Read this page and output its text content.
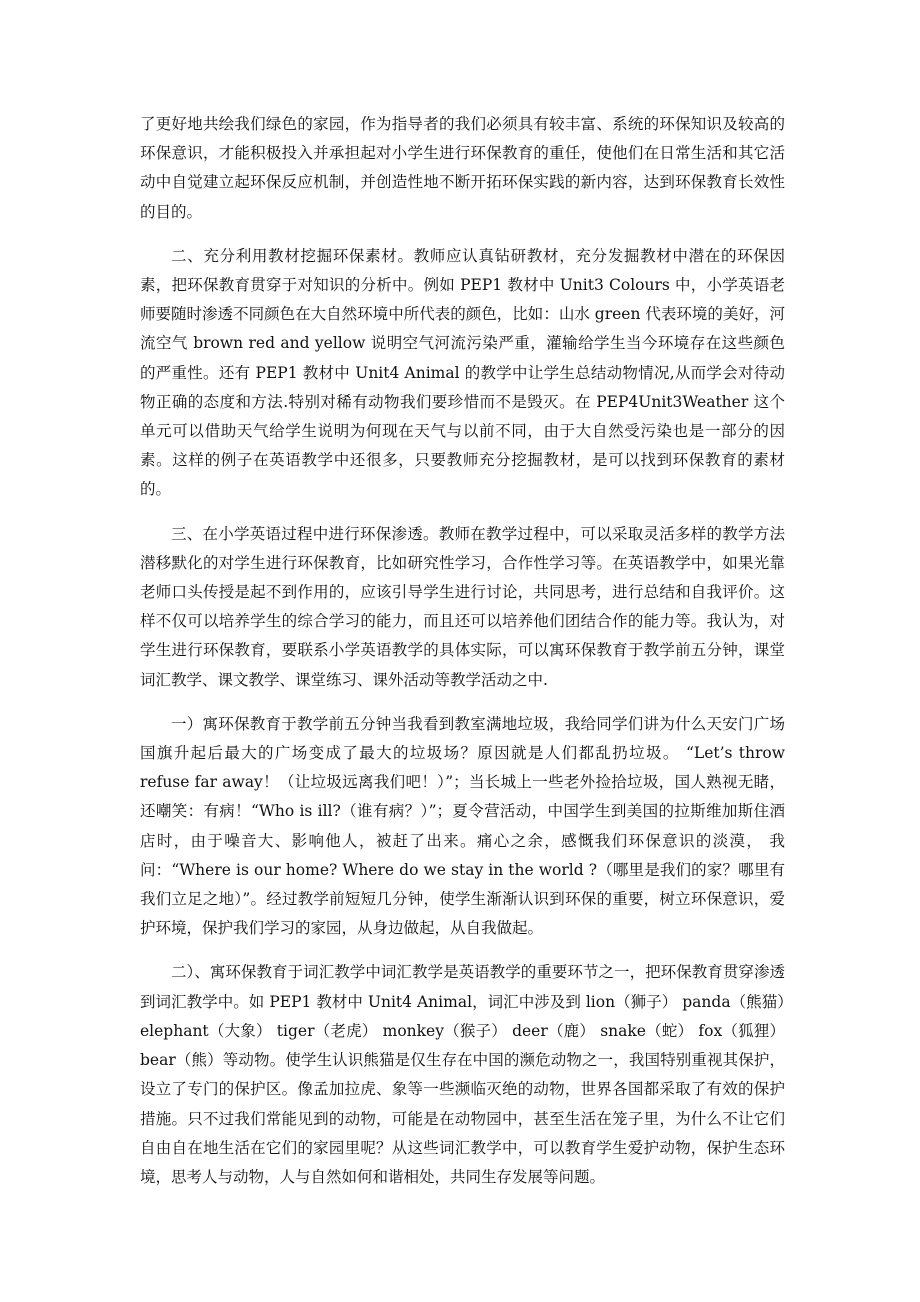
了更好地共绘我们绿色的家园，作为指导者的我们必须具有较丰富、系统的环保知识及较高的环保意识，才能积极投入并承担起对小学生进行环保教育的重任，使他们在日常生活和其它活动中自觉建立起环保反应机制，并创造性地不断开拓环保实践的新内容，达到环保教育长效性的目的。

二、充分利用教材挖掘环保素材。教师应认真钻研教材，充分发掘教材中潜在的环保因素，把环保教育贯穿于对知识的分析中。例如 PEP1 教材中 Unit3 Colours 中，小学英语老师要随时渗透不同颜色在大自然环境中所代表的颜色，比如：山水 green 代表环境的美好，河流空气 brown red and yellow 说明空气河流污染严重，灌输给学生当今环境存在这些颜色的严重性。还有 PEP1 教材中 Unit4 Animal 的教学中让学生总结动物情况,从而学会对待动物正确的态度和方法.特别对稀有动物我们要珍惜而不是毁灭。在 PEP4Unit3Weather 这个单元可以借助天气给学生说明为何现在天气与以前不同，由于大自然受污染也是一部分的因素。这样的例子在英语教学中还很多，只要教师充分挖掘教材，是可以找到环保教育的素材的。

三、在小学英语过程中进行环保渗透。教师在教学过程中，可以采取灵活多样的教学方法潜移默化的对学生进行环保教育，比如研究性学习，合作性学习等。在英语教学中，如果光靠老师口头传授是起不到作用的，应该引导学生进行讨论，共同思考，进行总结和自我评价。这样不仅可以培养学生的综合学习的能力，而且还可以培养他们团结合作的能力等。我认为，对学生进行环保教育，要联系小学英语教学的具体实际，可以寓环保教育于教学前五分钟，课堂词汇教学、课文教学、课堂练习、课外活动等教学活动之中.

一）寓环保教育于教学前五分钟当我看到教室满地垃圾，我给同学们讲为什么天安门广场国旗升起后最大的广场变成了最大的垃圾场？原因就是人们都乱扔垃圾。 “Let’s throw refuse far away！（让垃圾远离我们吧！）”；当长城上一些老外捡拾垃圾，国人熟视无睹，还嘲笑：有病！“Who is ill?（谁有病？）”；夏令营活动，中国学生到美国的拉斯维加斯住酒店时，由于噪音大、影响他人，被赶了出来。痛心之余，感慨我们环保意识的淡漠， 我问：“Where is our home? Where do we stay in the world ?（哪里是我们的家？哪里有我们立足之地）”。经过教学前短短几分钟，使学生渐渐认识到环保的重要，树立环保意识，爱护环境，保护我们学习的家园，从身边做起，从自我做起。

二）、寓环保教育于词汇教学中词汇教学是英语教学的重要环节之一，把环保教育贯穿渗透到词汇教学中。如 PEP1 教材中 Unit4 Animal，词汇中涉及到 lion（狮子） panda（熊猫）elephant（大象） tiger（老虎） monkey（猴子） deer（鹿） snake（蛇） fox（狐狸） bear（熊）等动物。使学生认识熊猫是仅生存在中国的濒危动物之一，我国特别重视其保护，设立了专门的保护区。像孟加拉虎、象等一些濒临灭绝的动物，世界各国都采取了有效的保护措施。只不过我们常能见到的动物，可能是在动物园中，甚至生活在笼子里，为什么不让它们自由自在地生活在它们的家园里呢？从这些词汇教学中，可以教育学生爱护动物，保护生态环境，思考人与动物，人与自然如何和谐相处，共同生存发展等问题。
